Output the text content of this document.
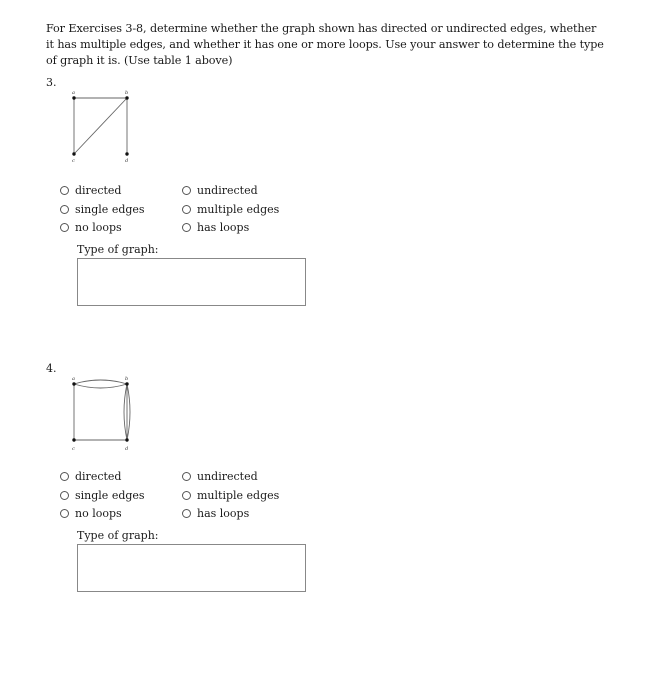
For Exercises 3-8, determine whether the graph shown has directed or undirected edges, whether it has multiple edges, and whether it has one or more loops. Use your answer to determine the type of graph it is. (Use table 1 above)
3.
a	b
c	d
directed
single edges
no loops
undirected
multiple edges
has loops
Type of graph:
4.
a	b
c	d
directed
single edges
no loops
undirected
multiple edges
has loops
Type of graph:
